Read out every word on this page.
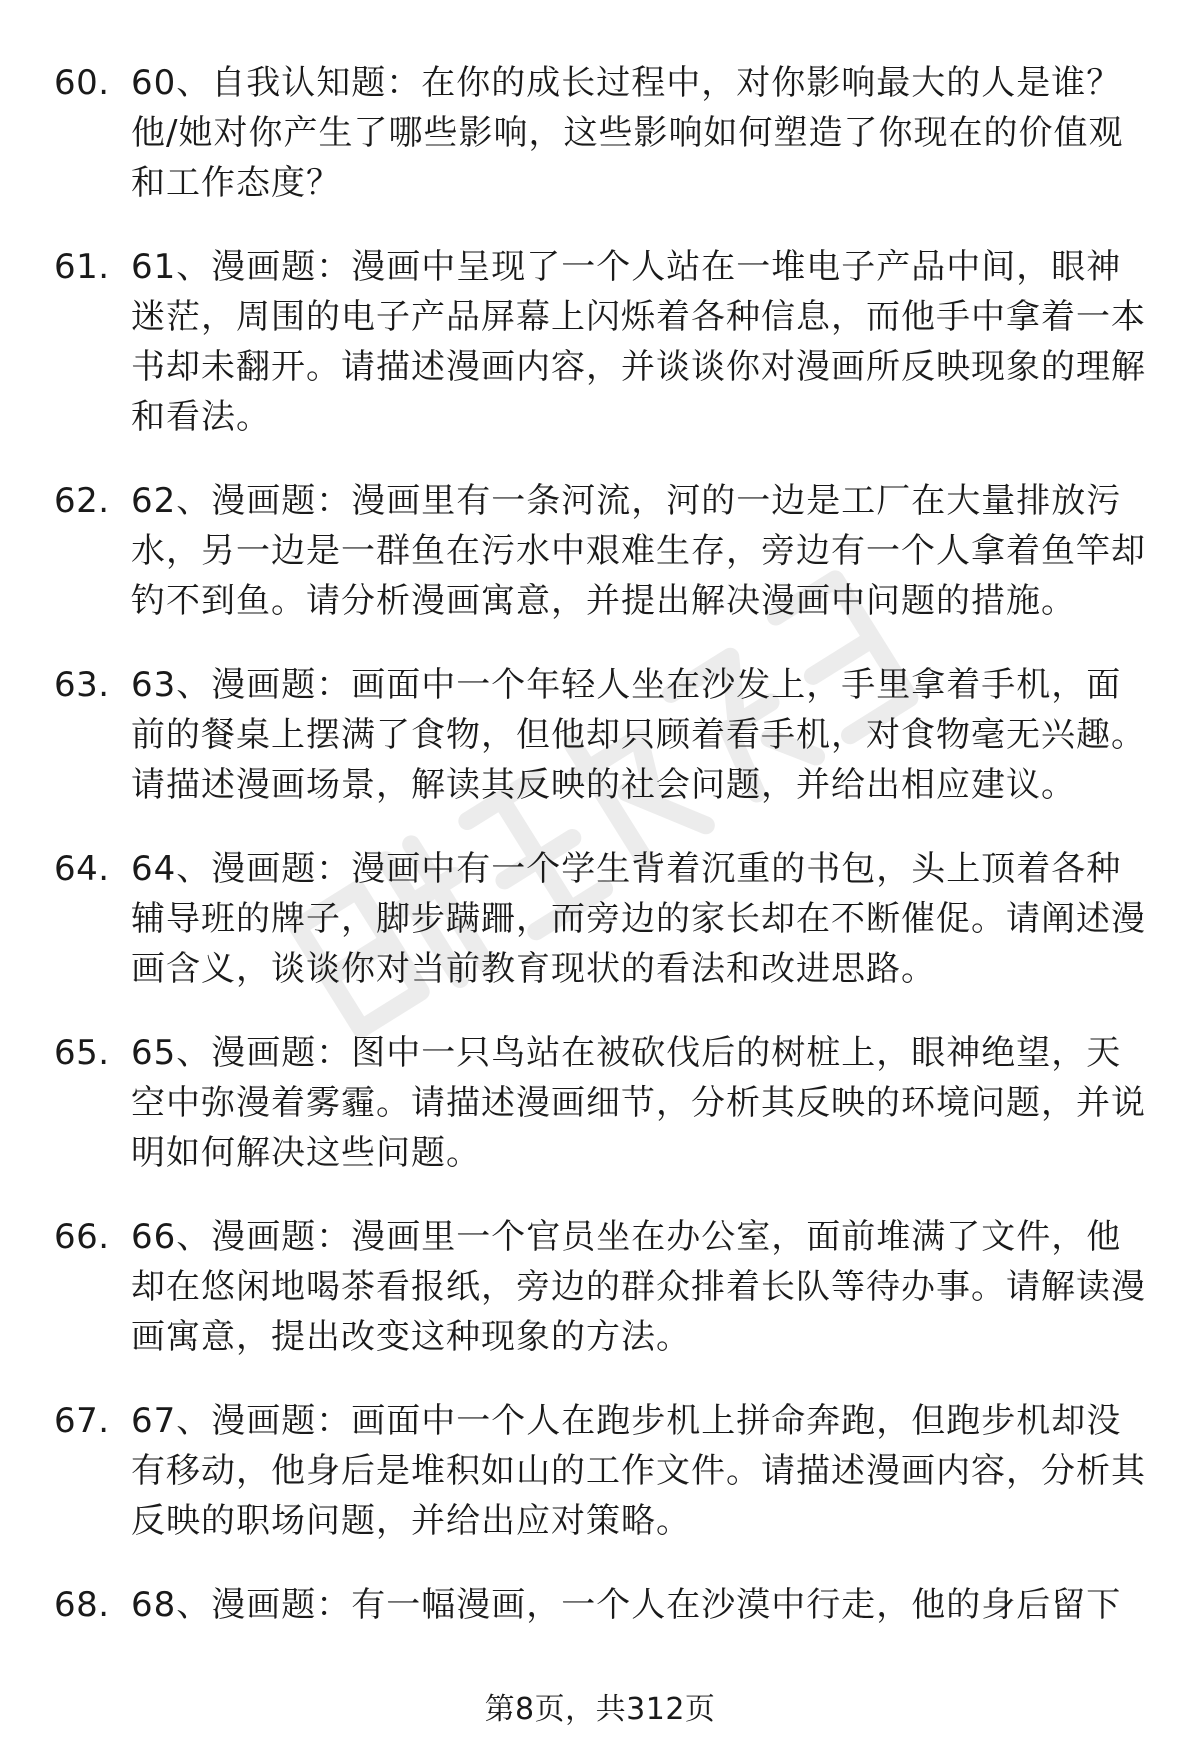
60. 60、自我认知题：在你的成长过程中，对你影响最大的人是谁？他/她对你产生了哪些影响，这些影响如何塑造了你现在的价值观和工作态度？
61. 61、漫画题：漫画中呈现了一个人站在一堆电子产品中间，眼神迷茫，周围的电子产品屏幕上闪烁着各种信息，而他手中拿着一本书却未翻开。请描述漫画内容，并谈谈你对漫画所反映现象的理解和看法。
62. 62、漫画题：漫画里有一条河流，河的一边是工厂在大量排放污水，另一边是一群鱼在污水中艰难生存，旁边有一个人拿着鱼竿却钓不到鱼。请分析漫画寓意，并提出解决漫画中问题的措施。
63. 63、漫画题：画面中一个年轻人坐在沙发上，手里拿着手机，面前的餐桌上摆满了食物，但他却只顾着看手机，对食物毫无兴趣。请描述漫画场景，解读其反映的社会问题，并给出相应建议。
64. 64、漫画题：漫画中有一个学生背着沉重的书包，头上顶着各种辅导班的牌子，脚步蹒跚，而旁边的家长却在不断催促。请阐述漫画含义，谈谈你对当前教育现状的看法和改进思路。
65. 65、漫画题：图中一只鸟站在被砍伐后的树桩上，眼神绝望，天空中弥漫着雾霾。请描述漫画细节，分析其反映的环境问题，并说明如何解决这些问题。
66. 66、漫画题：漫画里一个官员坐在办公室，面前堆满了文件，他却在悠闲地喝茶看报纸，旁边的群众排着长队等待办事。请解读漫画寓意，提出改变这种现象的方法。
67. 67、漫画题：画面中一个人在跑步机上拼命奔跑，但跑步机却没有移动，他身后是堆积如山的工作文件。请描述漫画内容，分析其反映的职场问题，并给出应对策略。
68. 68、漫画题：有一幅漫画，一个人在沙漠中行走，他的身后留下
第8页，共312页
